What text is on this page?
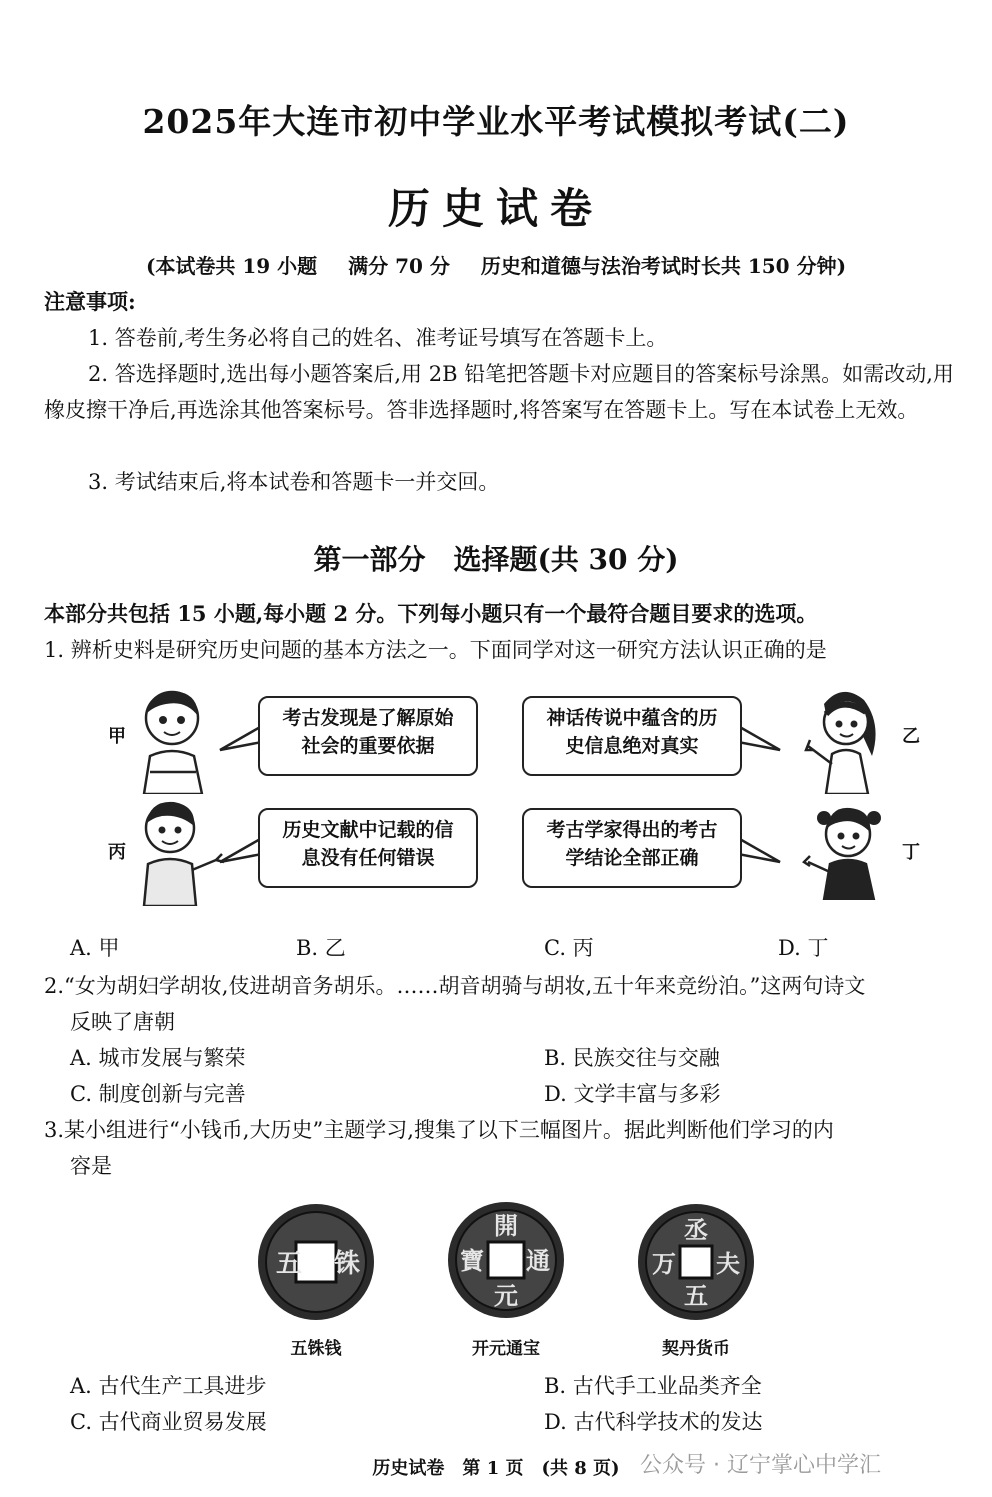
2025年大连市初中学业水平考试模拟考试(二)
历史试卷
(本试卷共 19 小题 满分 70 分 历史和道德与法治考试时长共 150 分钟)
注意事项:
1. 答卷前,考生务必将自己的姓名、准考证号填写在答题卡上。
2. 答选择题时,选出每小题答案后,用 2B 铅笔把答题卡对应题目的答案标号涂黑。如需改动,用橡皮擦干净后,再选涂其他答案标号。答非选择题时,将答案写在答题卡上。写在本试卷上无效。
3. 考试结束后,将本试卷和答题卡一并交回。
第一部分　选择题(共 30 分)
本部分共包括 15 小题,每小题 2 分。下列每小题只有一个最符合题目要求的选项。
1. 辨析史料是研究历史问题的基本方法之一。下面同学对这一研究方法认识正确的是
甲	乙
丙	丁
考古发现是了解原始社会的重要依据
神话传说中蕴含的历史信息绝对真实
历史文献中记载的信息没有任何错误
考古学家得出的考古学结论全部正确
A. 甲	B. 乙	C. 丙	D. 丁
2.“女为胡妇学胡妆,伎进胡音务胡乐。……胡音胡骑与胡妆,五十年来竞纷泊。”这两句诗文
反映了唐朝
A. 城市发展与繁荣	B. 民族交往与交融
C. 制度创新与完善	D. 文学丰富与多彩
3.某小组进行“小钱币,大历史”主题学习,搜集了以下三幅图片。据此判断他们学习的内
容是
五 铢
開
元
通
寶
丞
夫
五
万
五铢钱	开元通宝	契丹货币
A. 古代生产工具进步	B. 古代手工业品类齐全
C. 古代商业贸易发展	D. 古代科学技术的发达
历史试卷　第 1 页　(共 8 页) 公众号 · 辽宁掌心中学汇
